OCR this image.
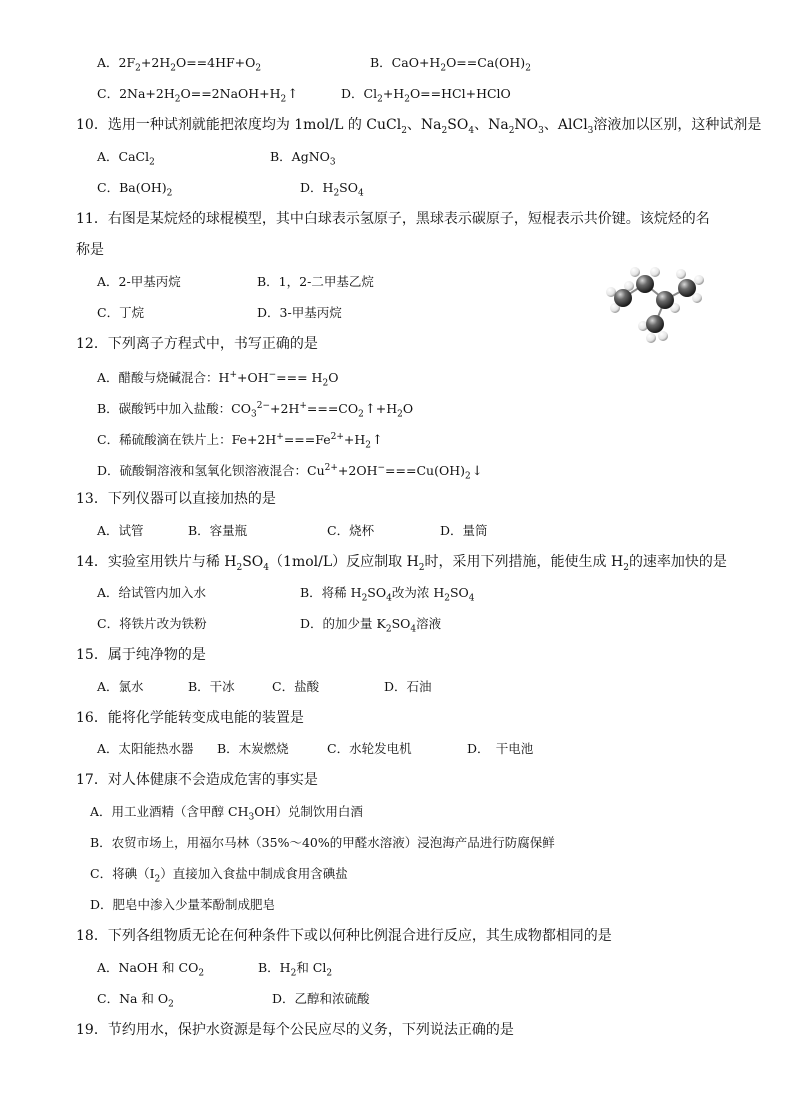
A．$2F_2+2H_2O==4HF+O_2$	B．$CaO+H_2O==Ca(OH)_2$
C．$2Na+2H_2O==2NaOH+H_2↑$	D．$Cl_2+H_2O==HCl+HClO$
10．选用一种试剂就能把浓度均为 1mol/L 的 CuCl$_2$、$Na_2SO_4$、$Na_2NO_3$、AlCl$_3$溶液加以区别，这种试剂是
A．CaCl$_2$	B．AgNO$_3$
C．$Ba(OH)_2$	D．$H_2SO_4$
11．右图是某烷烃的球棍模型，其中白球表示氢原子，黑球表示碳原子，短棍表示共价键。该烷烃的名
称是
A．2-甲基丙烷	B．1，2-二甲基乙烷
C．丁烷	D．3-甲基丙烷
12．下列离子方程式中，书写正确的是
A．醋酸与烧碱混合：$H^++OH^-=== H_2O$
B．碳酸钙中加入盐酸：$CO_3^{2-}+2H^+===CO_2↑+H_2O$
C．稀硫酸滴在铁片上：$Fe+2H^+===Fe^{2+}+H_2↑$
D．硫酸铜溶液和氢氧化钡溶液混合：$Cu^{2+}+2OH^-===Cu(OH)_2↓$
13．下列仪器可以直接加热的是
A．试管	B．容量瓶	C．烧杯	D．量筒
14．实验室用铁片与稀 $H_2SO_4(1mol/L)$反应制取 $H_2$时，采用下列措施，能使生成 $H_2$的速率加快的是
A．给试管内加入水	B．将稀 $H_2SO_4$改为浓 $H_2SO_4$
C．将铁片改为铁粉	D．的加少量 $K_2SO_4$溶液
15．属于纯净物的是
A．氯水	B．干冰	C．盐酸	D．石油
16．能将化学能转变成电能的装置是
A．太阳能热水器 B．木炭燃烧	C．水轮发电机	D．　干电池
17．对人体健康不会造成危害的事实是
A．用工业酒精（含甲醇 $CH_3OH$）兑制饮用白酒
B．农贸市场上，用福尔马林（35%～40%的甲醛水溶液）浸泡海产品进行防腐保鲜
C．将碘$(I_2)$直接加入食盐中制成食用含碘盐
D．肥皂中渗入少量苯酚制成肥皂
18．下列各组物质无论在何种条件下或以何种比例混合进行反应，其生成物都相同的是
A．NaOH 和 $CO_2$	B．$H_2$和 $Cl_2$
C．Na 和 $O_2$	D．乙醇和浓硫酸
19．节约用水，保护水资源是每个公民应尽的义务，下列说法正确的是
